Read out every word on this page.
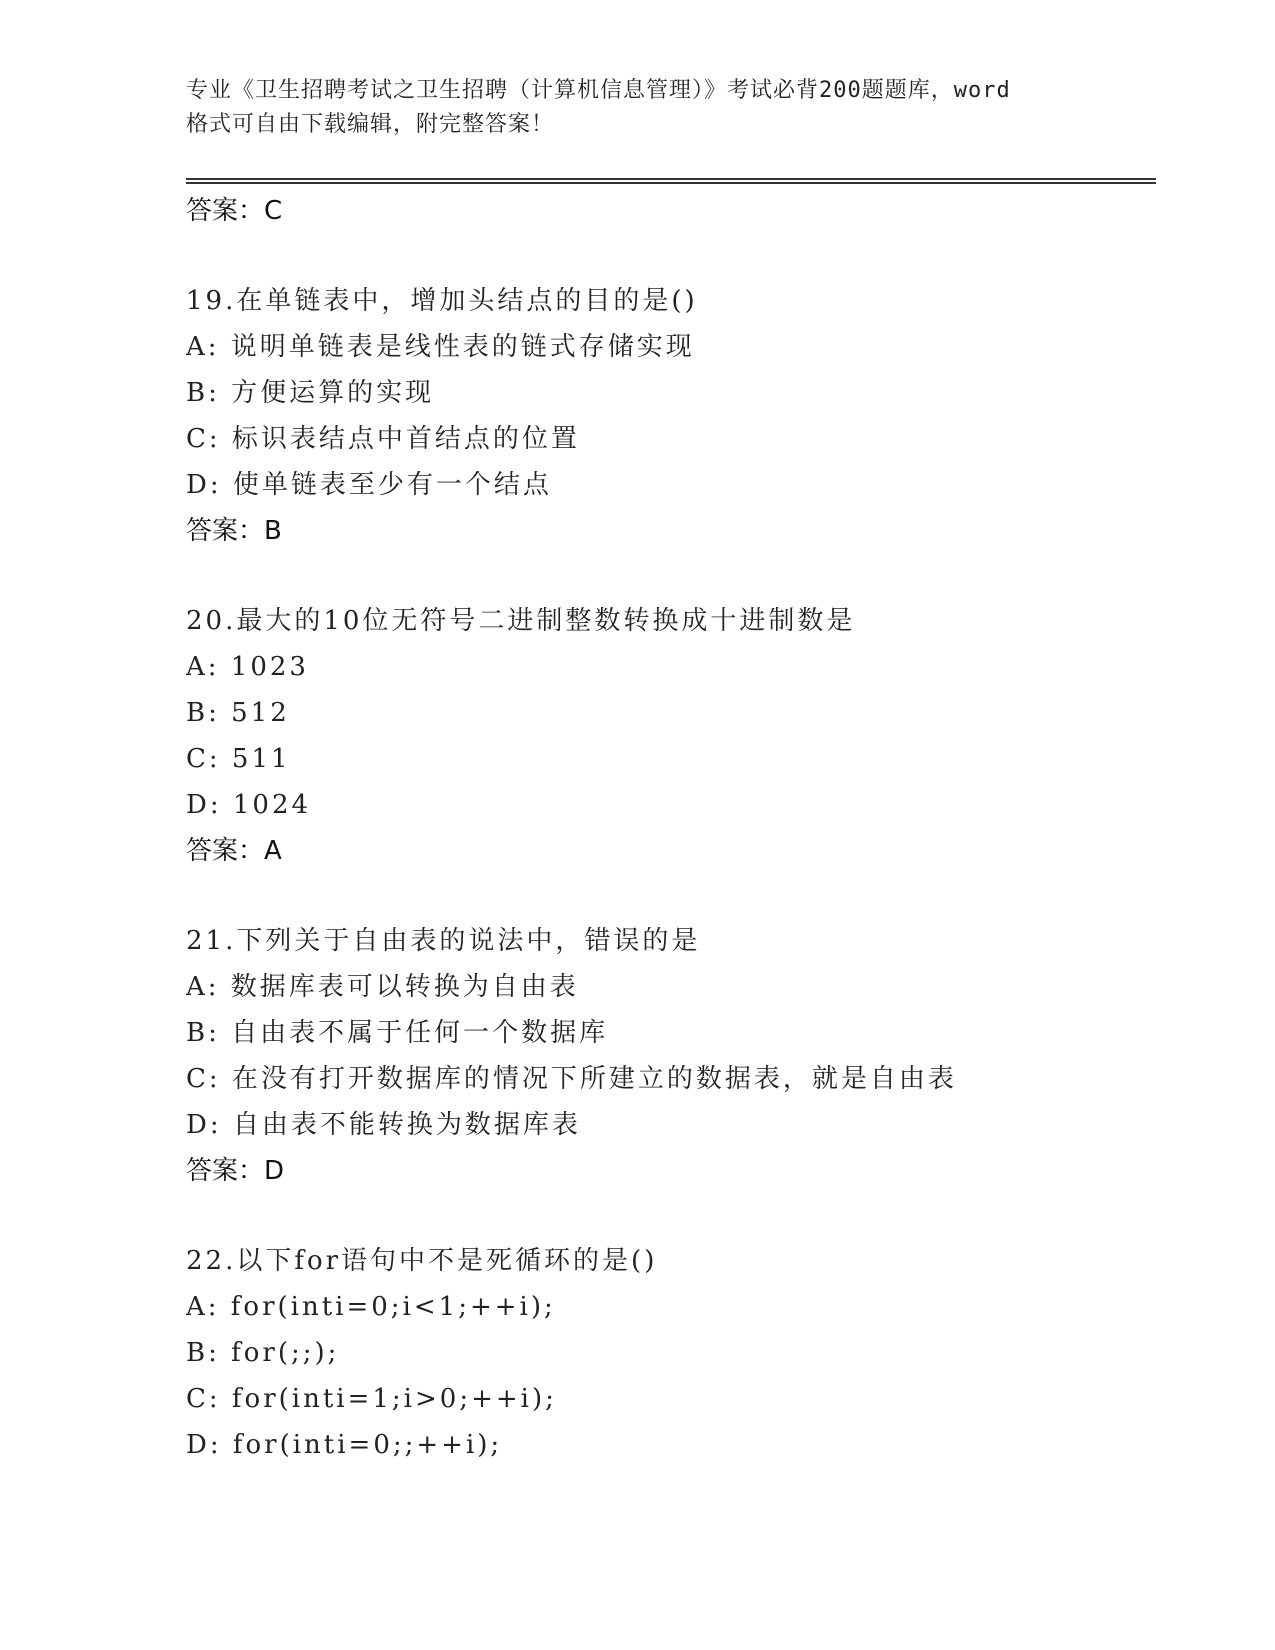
专业《卫生招聘考试之卫生招聘（计算机信息管理）》考试必背200题题库，word
格式可自由下载编辑，附完整答案！
答案：C
19.在单链表中，增加头结点的目的是()
A: 说明单链表是线性表的链式存储实现
B: 方便运算的实现
C: 标识表结点中首结点的位置
D: 使单链表至少有一个结点
答案：B
20.最大的10位无符号二进制整数转换成十进制数是
A: 1023
B: 512
C: 511
D: 1024
答案：A
21.下列关于自由表的说法中，错误的是
A: 数据库表可以转换为自由表
B: 自由表不属于任何一个数据库
C: 在没有打开数据库的情况下所建立的数据表，就是自由表
D: 自由表不能转换为数据库表
答案：D
22.以下for语句中不是死循环的是()
A: for(inti=0;i<1;++i);
B: for(;;);
C: for(inti=1;i>0;++i);
D: for(inti=0;;++i);
